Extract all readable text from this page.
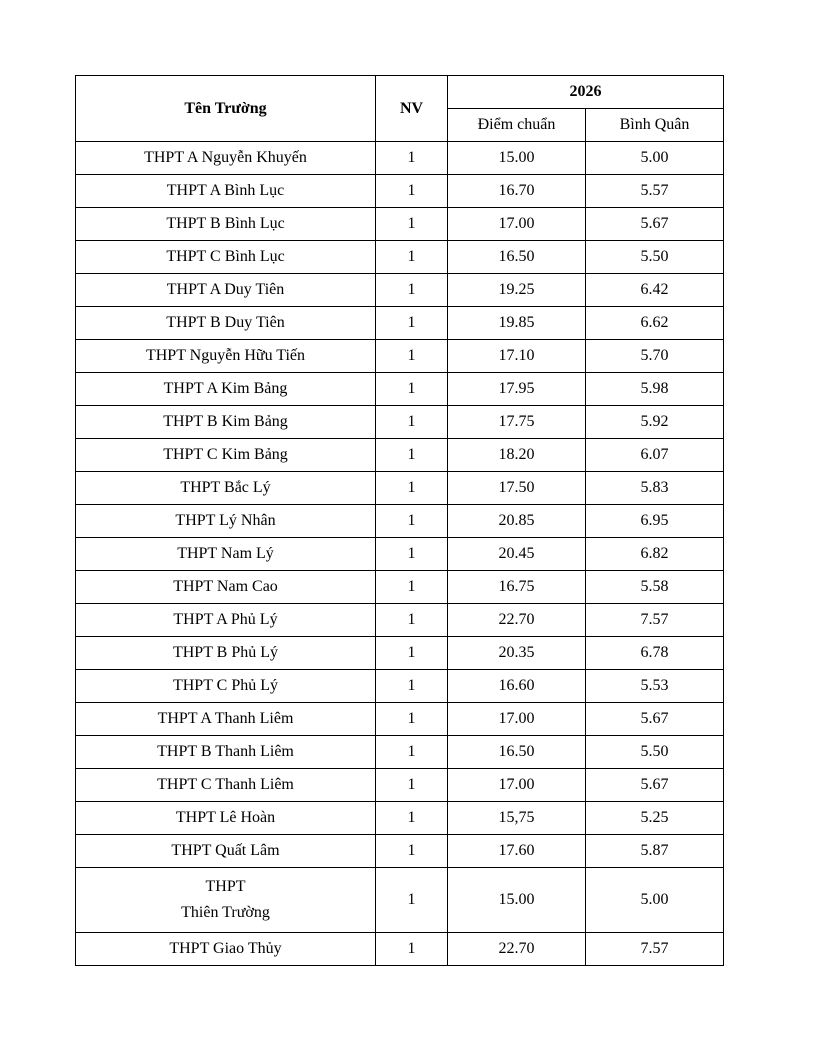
Tên Trường	NV	2026	
		Điểm chuẩn	Bình Quân
THPT A Nguyễn Khuyến	1	15.00	5.00
THPT A Bình Lục	1	16.70	5.57
THPT B Bình Lục	1	17.00	5.67
THPT C Bình Lục	1	16.50	5.50
THPT A Duy Tiên	1	19.25	6.42
THPT B Duy Tiên	1	19.85	6.62
THPT Nguyễn Hữu Tiến	1	17.10	5.70
THPT A Kim Bảng	1	17.95	5.98
THPT B Kim Bảng	1	17.75	5.92
THPT C Kim Bảng	1	18.20	6.07
THPT Bắc Lý	1	17.50	5.83
THPT Lý Nhân	1	20.85	6.95
THPT Nam Lý	1	20.45	6.82
THPT Nam Cao	1	16.75	5.58
THPT A Phủ Lý	1	22.70	7.57
THPT B Phủ Lý	1	20.35	6.78
THPT C Phủ Lý	1	16.60	5.53
THPT A Thanh Liêm	1	17.00	5.67
THPT B Thanh Liêm	1	16.50	5.50
THPT C Thanh Liêm	1	17.00	5.67
THPT Lê Hoàn	1	15,75	5.25
THPT Quất Lâm	1	17.60	5.87

THPT
Thiên Trường	1	15.00	5.00
THPT Giao Thủy	1	22.70	7.57
